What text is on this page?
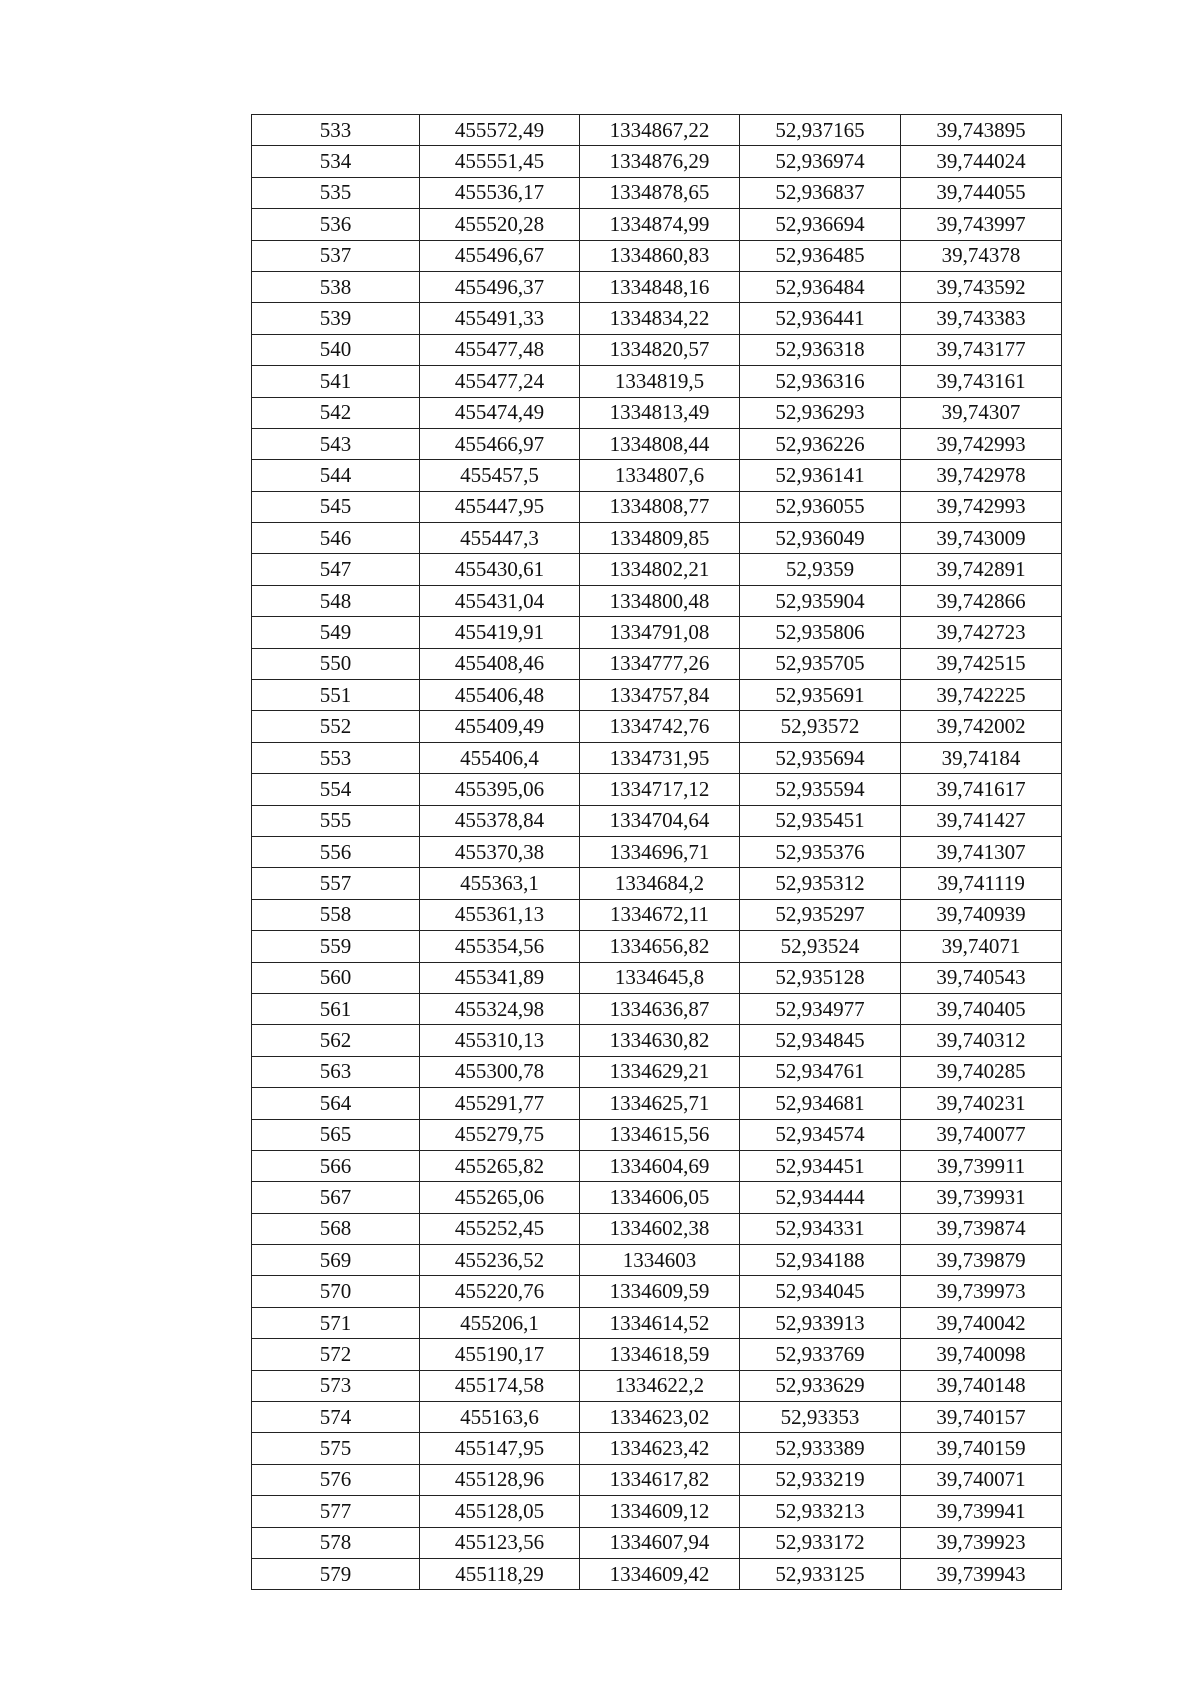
533	455572,49	1334867,22	52,937165	39,743895
534	455551,45	1334876,29	52,936974	39,744024
535	455536,17	1334878,65	52,936837	39,744055
536	455520,28	1334874,99	52,936694	39,743997
537	455496,67	1334860,83	52,936485	39,74378
538	455496,37	1334848,16	52,936484	39,743592
539	455491,33	1334834,22	52,936441	39,743383
540	455477,48	1334820,57	52,936318	39,743177
541	455477,24	1334819,5	52,936316	39,743161
542	455474,49	1334813,49	52,936293	39,74307
543	455466,97	1334808,44	52,936226	39,742993
544	455457,5	1334807,6	52,936141	39,742978
545	455447,95	1334808,77	52,936055	39,742993
546	455447,3	1334809,85	52,936049	39,743009
547	455430,61	1334802,21	52,9359	39,742891
548	455431,04	1334800,48	52,935904	39,742866
549	455419,91	1334791,08	52,935806	39,742723
550	455408,46	1334777,26	52,935705	39,742515
551	455406,48	1334757,84	52,935691	39,742225
552	455409,49	1334742,76	52,93572	39,742002
553	455406,4	1334731,95	52,935694	39,74184
554	455395,06	1334717,12	52,935594	39,741617
555	455378,84	1334704,64	52,935451	39,741427
556	455370,38	1334696,71	52,935376	39,741307
557	455363,1	1334684,2	52,935312	39,741119
558	455361,13	1334672,11	52,935297	39,740939
559	455354,56	1334656,82	52,93524	39,74071
560	455341,89	1334645,8	52,935128	39,740543
561	455324,98	1334636,87	52,934977	39,740405
562	455310,13	1334630,82	52,934845	39,740312
563	455300,78	1334629,21	52,934761	39,740285
564	455291,77	1334625,71	52,934681	39,740231
565	455279,75	1334615,56	52,934574	39,740077
566	455265,82	1334604,69	52,934451	39,739911
567	455265,06	1334606,05	52,934444	39,739931
568	455252,45	1334602,38	52,934331	39,739874
569	455236,52	1334603	52,934188	39,739879
570	455220,76	1334609,59	52,934045	39,739973
571	455206,1	1334614,52	52,933913	39,740042
572	455190,17	1334618,59	52,933769	39,740098
573	455174,58	1334622,2	52,933629	39,740148
574	455163,6	1334623,02	52,93353	39,740157
575	455147,95	1334623,42	52,933389	39,740159
576	455128,96	1334617,82	52,933219	39,740071
577	455128,05	1334609,12	52,933213	39,739941
578	455123,56	1334607,94	52,933172	39,739923
579	455118,29	1334609,42	52,933125	39,739943
